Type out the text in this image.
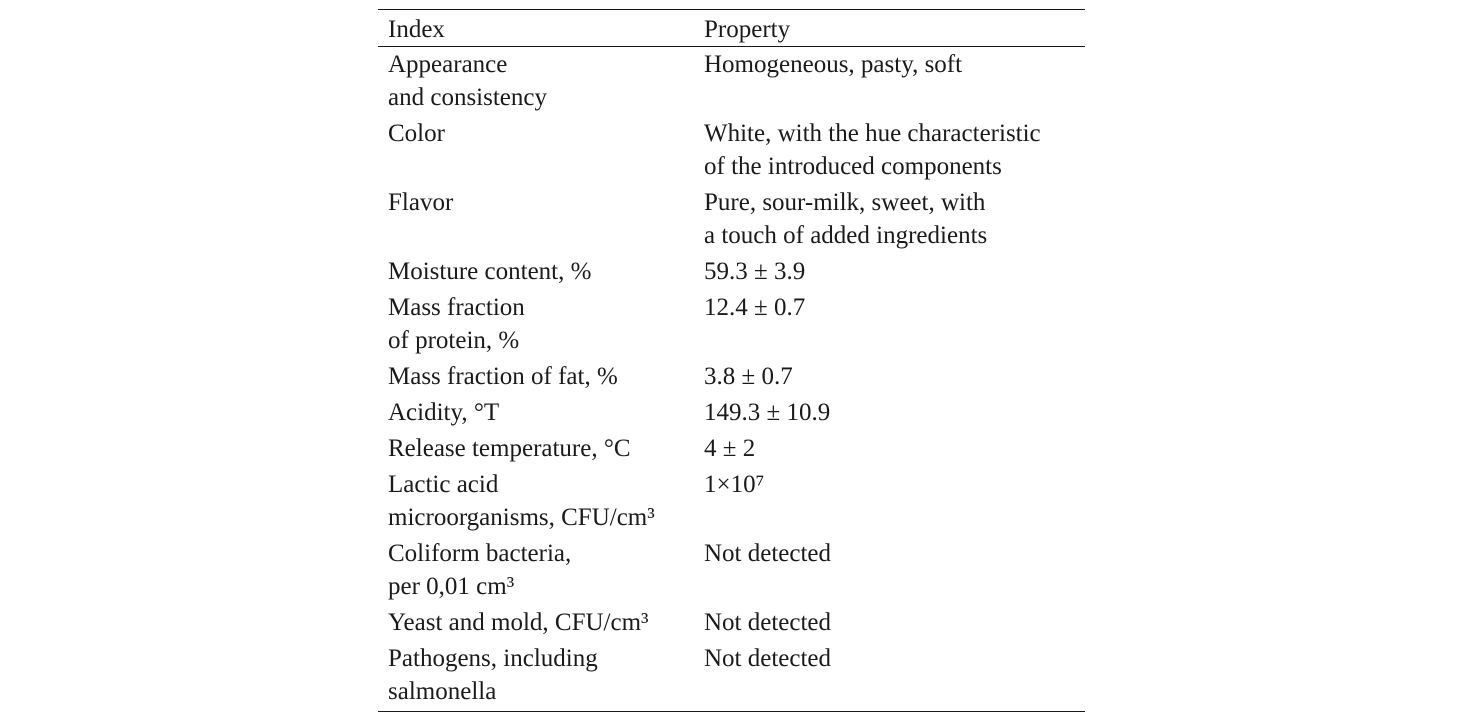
Index	Property

Appearance
and consistency	Homogeneous, pasty, soft

Color	White, with the hue characteristic
of the introduced components

Flavor	Pure, sour-milk, sweet, with
a touch of added ingredients

Moisture content, %	59.3 ± 3.9

Mass fraction
of protein, %	12.4 ± 0.7

Mass fraction of fat, %	3.8 ± 0.7

Acidity, °T	149.3 ± 10.9

Release temperature, °C	4 ± 2

Lactic acid
microorganisms, CFU/cm³	1×10⁷

Coliform bacteria,
per 0,01 cm³	Not detected

Yeast and mold, CFU/cm³	Not detected

Pathogens, including
salmonella	Not detected
